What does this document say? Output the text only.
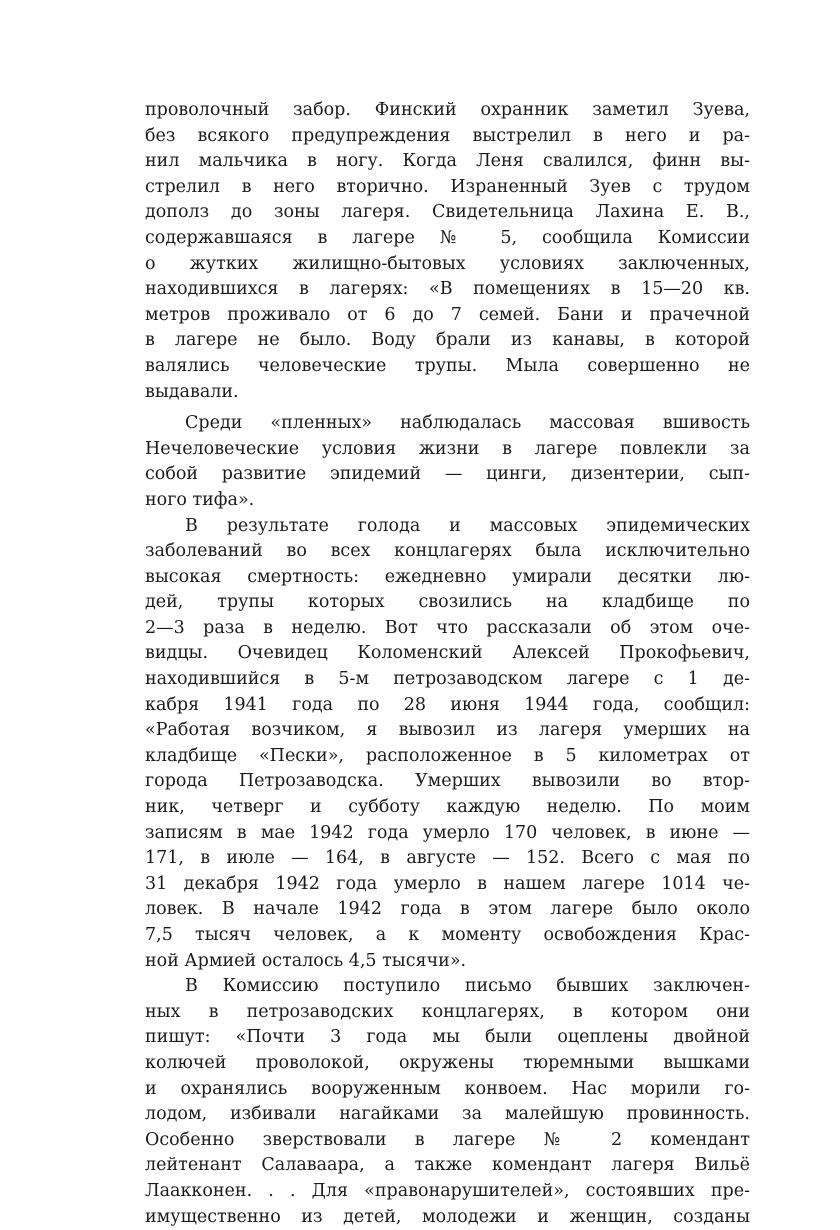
проволочный забор. Финский охранник заметил Зуева,
без всякого предупреждения выстрелил в него и ра-
нил мальчика в ногу. Когда Леня свалился, финн вы-
стрелил в него вторично. Израненный Зуев с трудом
дополз до зоны лагеря. Свидетельница Лахина Е. В.,
содержавшаяся в лагере № 5, сообщила Комиссии
о жутких жилищно-бытовых условиях заключенных,
находившихся в лагерях: «В помещениях в 15—20 кв.
метров проживало от 6 до 7 семей. Бани и прачечной
в лагере не было. Воду брали из канавы, в которой
валялись человеческие трупы. Мыла совершенно не
выдавали.
Среди «пленных» наблюдалась массовая вшивость
Нечеловеческие условия жизни в лагере повлекли за
собой развитие эпидемий — цинги, дизентерии, сып-
ного тифа».
В результате голода и массовых эпидемических
заболеваний во всех концлагерях была исключительно
высокая смертность: ежедневно умирали десятки лю-
дей, трупы которых свозились на кладбище по
2—3 раза в неделю. Вот что рассказали об этом оче-
видцы. Очевидец Коломенский Алексей Прокофьевич,
находившийся в 5-м петрозаводском лагере с 1 де-
кабря 1941 года по 28 июня 1944 года, сообщил:
«Работая возчиком, я вывозил из лагеря умерших на
кладбище «Пески», расположенное в 5 километрах от
города Петрозаводска. Умерших вывозили во втор-
ник, четверг и субботу каждую неделю. По моим
записям в мае 1942 года умерло 170 человек, в июне —
171, в июле — 164, в августе — 152. Всего с мая по
31 декабря 1942 года умерло в нашем лагере 1014 че-
ловек. В начале 1942 года в этом лагере было около
7,5 тысяч человек, а к моменту освобождения Крас-
ной Армией осталось 4,5 тысячи».
В Комиссию поступило письмо бывших заключен-
ных в петрозаводских концлагерях, в котором они
пишут: «Почти 3 года мы были оцеплены двойной
колючей проволокой, окружены тюремными вышками
и охранялись вооруженным конвоем. Нас морили го-
лодом, избивали нагайками за малейшую провинность.
Особенно зверствовали в лагере № 2 комендант
лейтенант Салаваара, а также комендант лагеря Вильё
Лаакконен. . . Для «правонарушителей», состоявших пре-
имущественно из детей, молодежи и женщин, созданы
